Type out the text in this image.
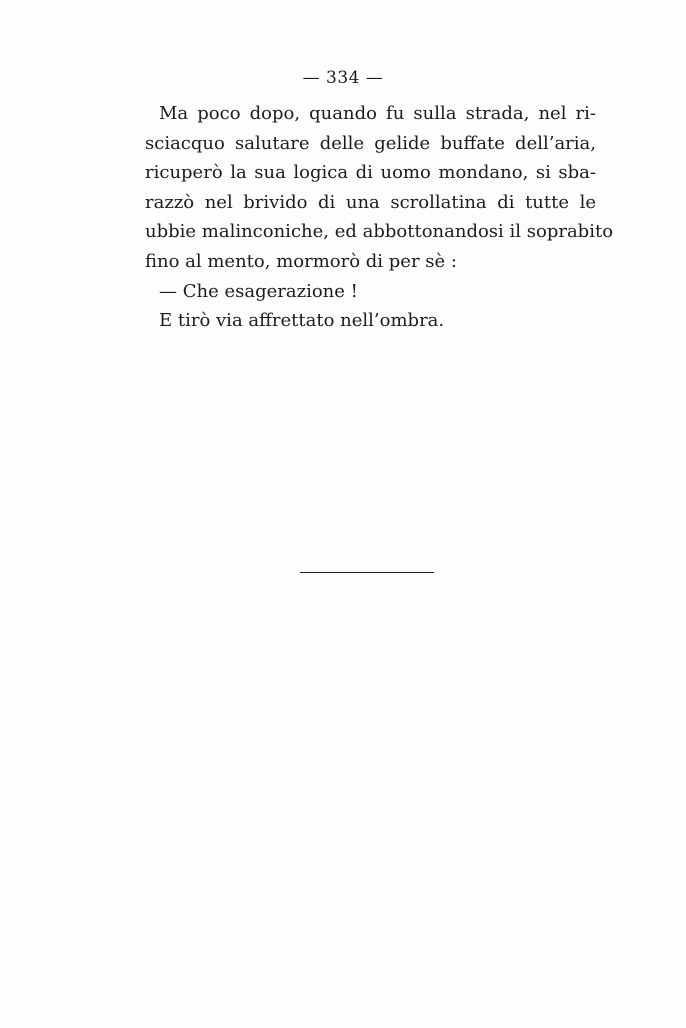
— 334 —
Ma poco dopo, quando fu sulla strada, nel ri-
sciacquo salutare delle gelide buffate dell’aria,
ricuperò la sua logica di uomo mondano, si sba-
razzò nel brivido di una scrollatina di tutte le
ubbie malinconiche, ed abbottonandosi il soprabito
fino al mento, mormorò di per sè :
— Che esagerazione !
E tirò via affrettato nell’ombra.
